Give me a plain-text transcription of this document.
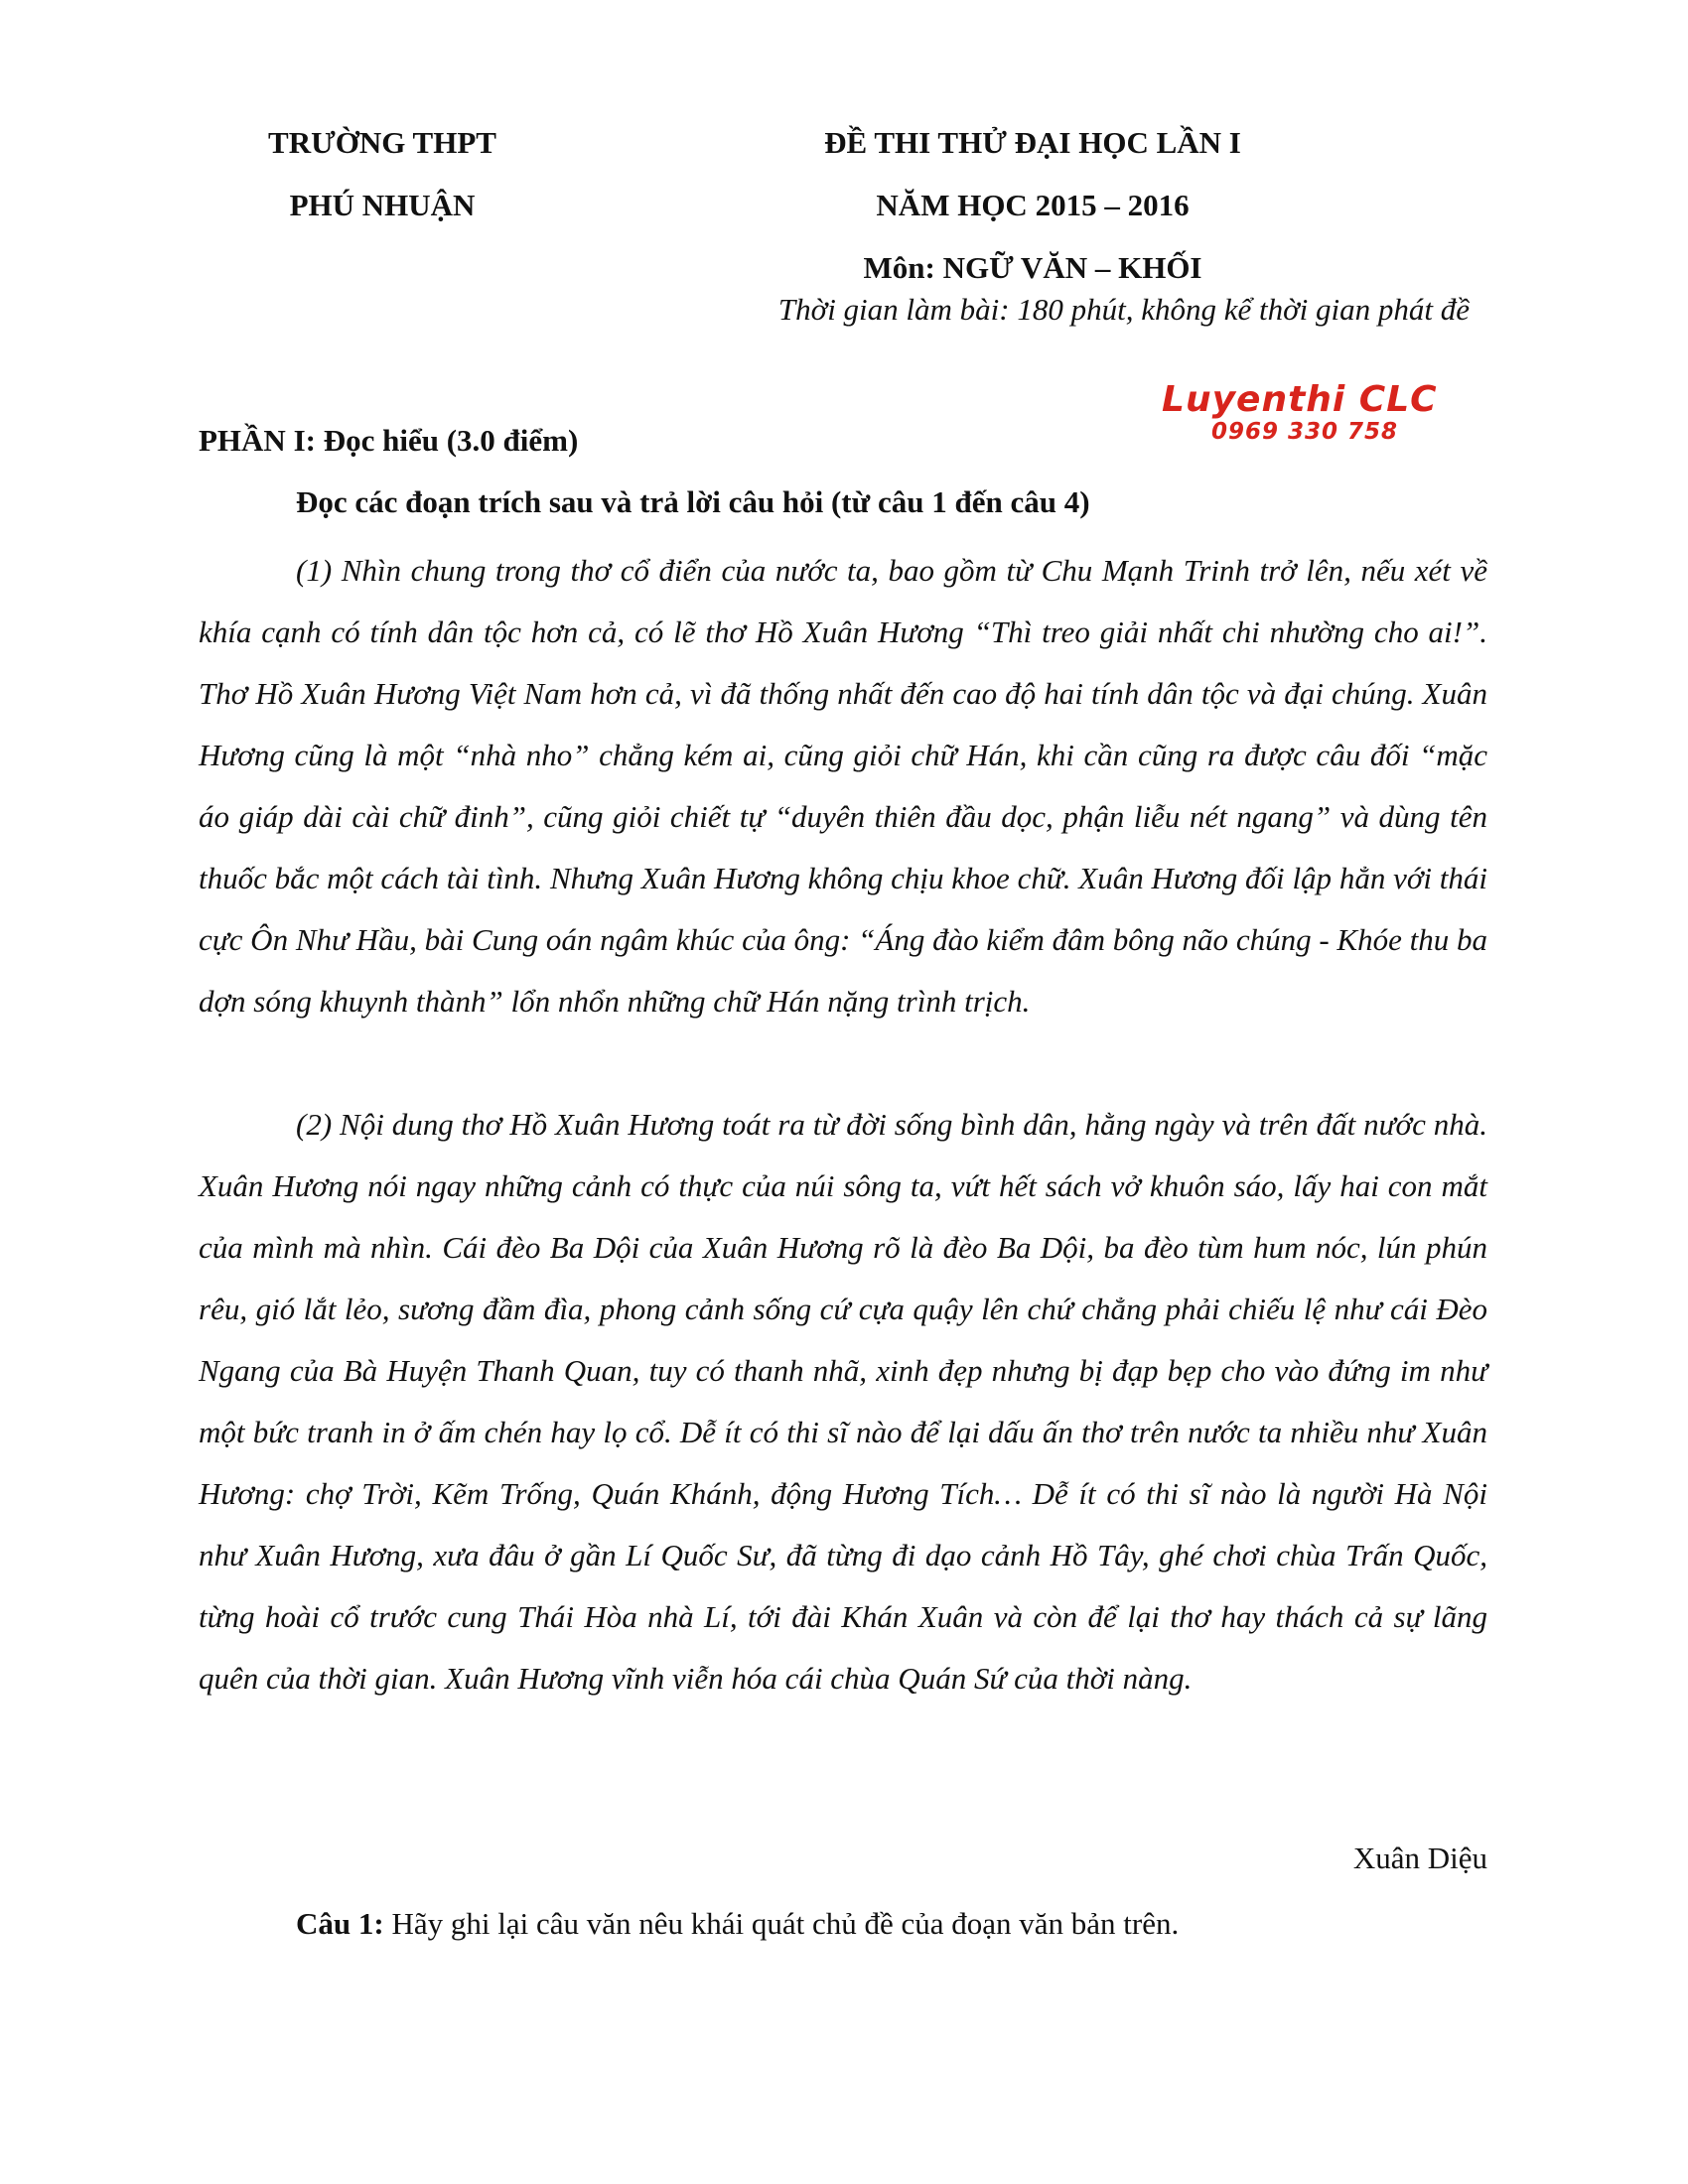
TRƯỜNG THPT
PHÚ NHUẬN
ĐỀ THI THỬ ĐẠI HỌC LẦN I
NĂM HỌC 2015 – 2016
Môn: NGỮ VĂN – KHỐI
Thời gian làm bài: 180 phút, không kể thời gian phát đề
Luyenthi CLC
0969 330 758
PHẦN I: Đọc hiểu (3.0 điểm)
Đọc các đoạn trích sau và trả lời câu hỏi (từ câu 1 đến câu 4)

(1) Nhìn chung trong thơ cổ điển của nước ta, bao gồm từ Chu Mạnh Trinh trở lên, nếu xét về khía cạnh có tính dân tộc hơn cả, có lẽ thơ Hồ Xuân Hương “Thì treo giải nhất chi nhường cho ai!”. Thơ Hồ Xuân Hương Việt Nam hơn cả, vì đã thống nhất đến cao độ hai tính dân tộc và đại chúng. Xuân Hương cũng là một “nhà nho” chẳng kém ai, cũng giỏi chữ Hán, khi cần cũng ra được câu đối “mặc áo giáp dài cài chữ đinh”, cũng giỏi chiết tự “duyên thiên đầu dọc, phận liễu nét ngang” và dùng tên thuốc bắc một cách tài tình. Nhưng Xuân Hương không chịu khoe chữ. Xuân Hương đối lập hẳn với thái cực Ôn Như Hầu, bài Cung oán ngâm khúc của ông: “Áng đào kiểm đâm bông não chúng - Khóe thu ba dợn sóng khuynh thành” lổn nhổn những chữ Hán nặng trình trịch.

(2) Nội dung thơ Hồ Xuân Hương toát ra từ đời sống bình dân, hằng ngày và trên đất nước nhà. Xuân Hương nói ngay những cảnh có thực của núi sông ta, vứt hết sách vở khuôn sáo, lấy hai con mắt của mình mà nhìn. Cái đèo Ba Dội của Xuân Hương rõ là đèo Ba Dội, ba đèo tùm hum nóc, lún phún rêu, gió lắt lẻo, sương đầm đìa, phong cảnh sống cứ cựa quậy lên chứ chẳng phải chiếu lệ như cái Đèo Ngang của Bà Huyện Thanh Quan, tuy có thanh nhã, xinh đẹp nhưng bị đạp bẹp cho vào đứng im như một bức tranh in ở ấm chén hay lọ cổ. Dễ ít có thi sĩ nào để lại dấu ấn thơ trên nước ta nhiều như Xuân Hương: chợ Trời, Kẽm Trống, Quán Khánh, động Hương Tích… Dễ ít có thi sĩ nào là người Hà Nội như Xuân Hương, xưa đâu ở gần Lí Quốc Sư, đã từng đi dạo cảnh Hồ Tây, ghé chơi chùa Trấn Quốc, từng hoài cổ trước cung Thái Hòa nhà Lí, tới đài Khán Xuân và còn để lại thơ hay thách cả sự lãng quên của thời gian. Xuân Hương vĩnh viễn hóa cái chùa Quán Sứ của thời nàng.

Xuân Diệu
Câu 1: Hãy ghi lại câu văn nêu khái quát chủ đề của đoạn văn bản trên.
